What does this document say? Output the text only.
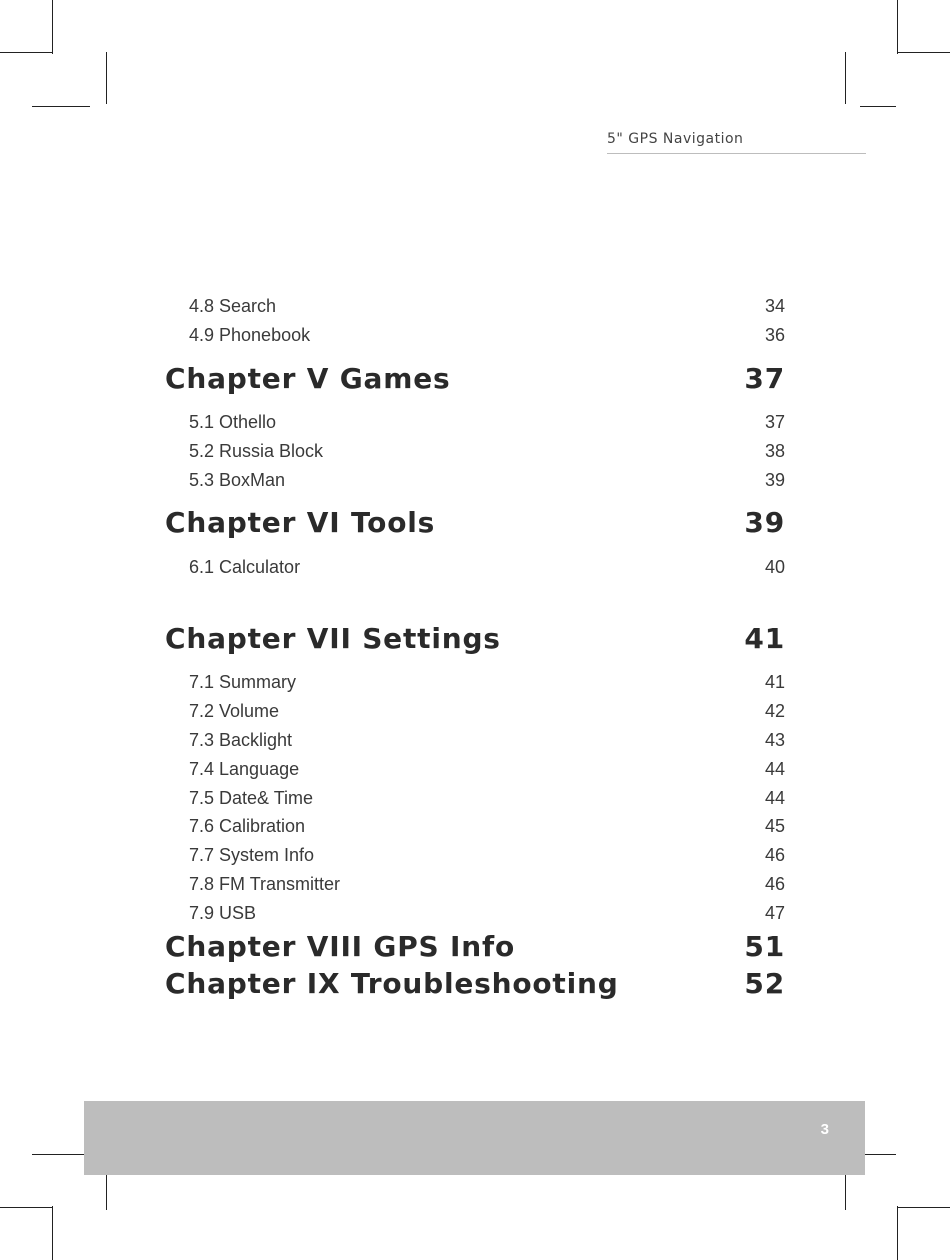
5" GPS Navigation
4.8 Search	34
4.9 Phonebook	36
Chapter V Games	37
5.1 Othello	37
5.2 Russia Block	38
5.3 BoxMan	39
Chapter VI Tools	39
6.1 Calculator	40
Chapter VII Settings	41
7.1 Summary	41
7.2 Volume	42
7.3 Backlight	43
7.4 Language	44
7.5 Date& Time	44
7.6 Calibration	45
7.7 System Info	46
7.8 FM Transmitter	46
7.9 USB	47
Chapter VIII GPS Info	51
Chapter IX Troubleshooting	52
3
